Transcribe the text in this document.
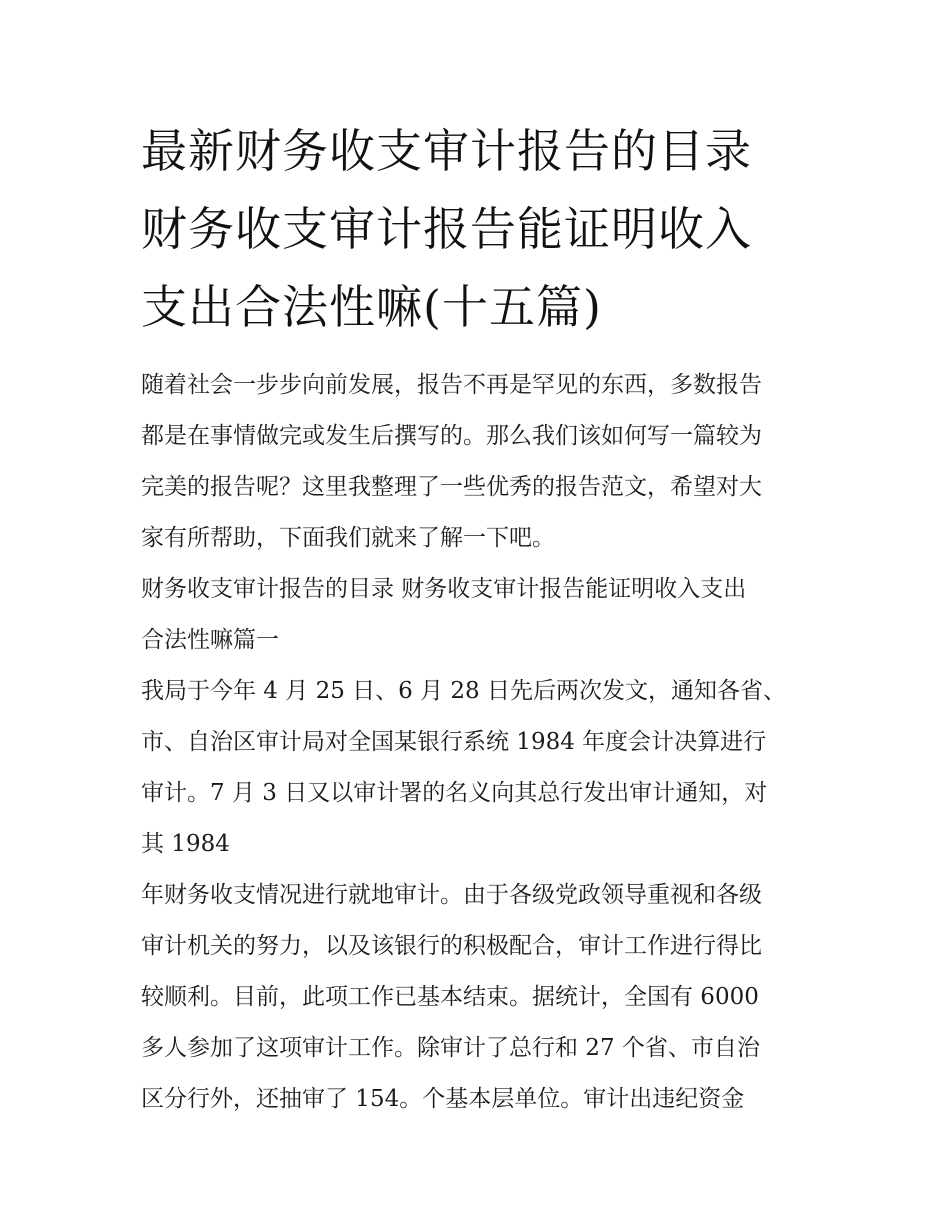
最新财务收支审计报告的目录
财务收支审计报告能证明收入
支出合法性嘛(十五篇)
随着社会一步步向前发展，报告不再是罕见的东西，多数报告
都是在事情做完或发生后撰写的。那么我们该如何写一篇较为
完美的报告呢？这里我整理了一些优秀的报告范文，希望对大
家有所帮助，下面我们就来了解一下吧。
财务收支审计报告的目录 财务收支审计报告能证明收入支出
合法性嘛篇一
我局于今年 4 月 25 日、6 月 28 日先后两次发文，通知各省、
市、自治区审计局对全国某银行系统 1984 年度会计决算进行
审计。7 月 3 日又以审计署的名义向其总行发出审计通知，对
其 1984
年财务收支情况进行就地审计。由于各级党政领导重视和各级
审计机关的努力，以及该银行的积极配合，审计工作进行得比
较顺利。目前，此项工作已基本结束。据统计，全国有 6000
多人参加了这项审计工作。除审计了总行和 27 个省、市自治
区分行外，还抽审了 154。个基本层单位。审计出违纪资金
